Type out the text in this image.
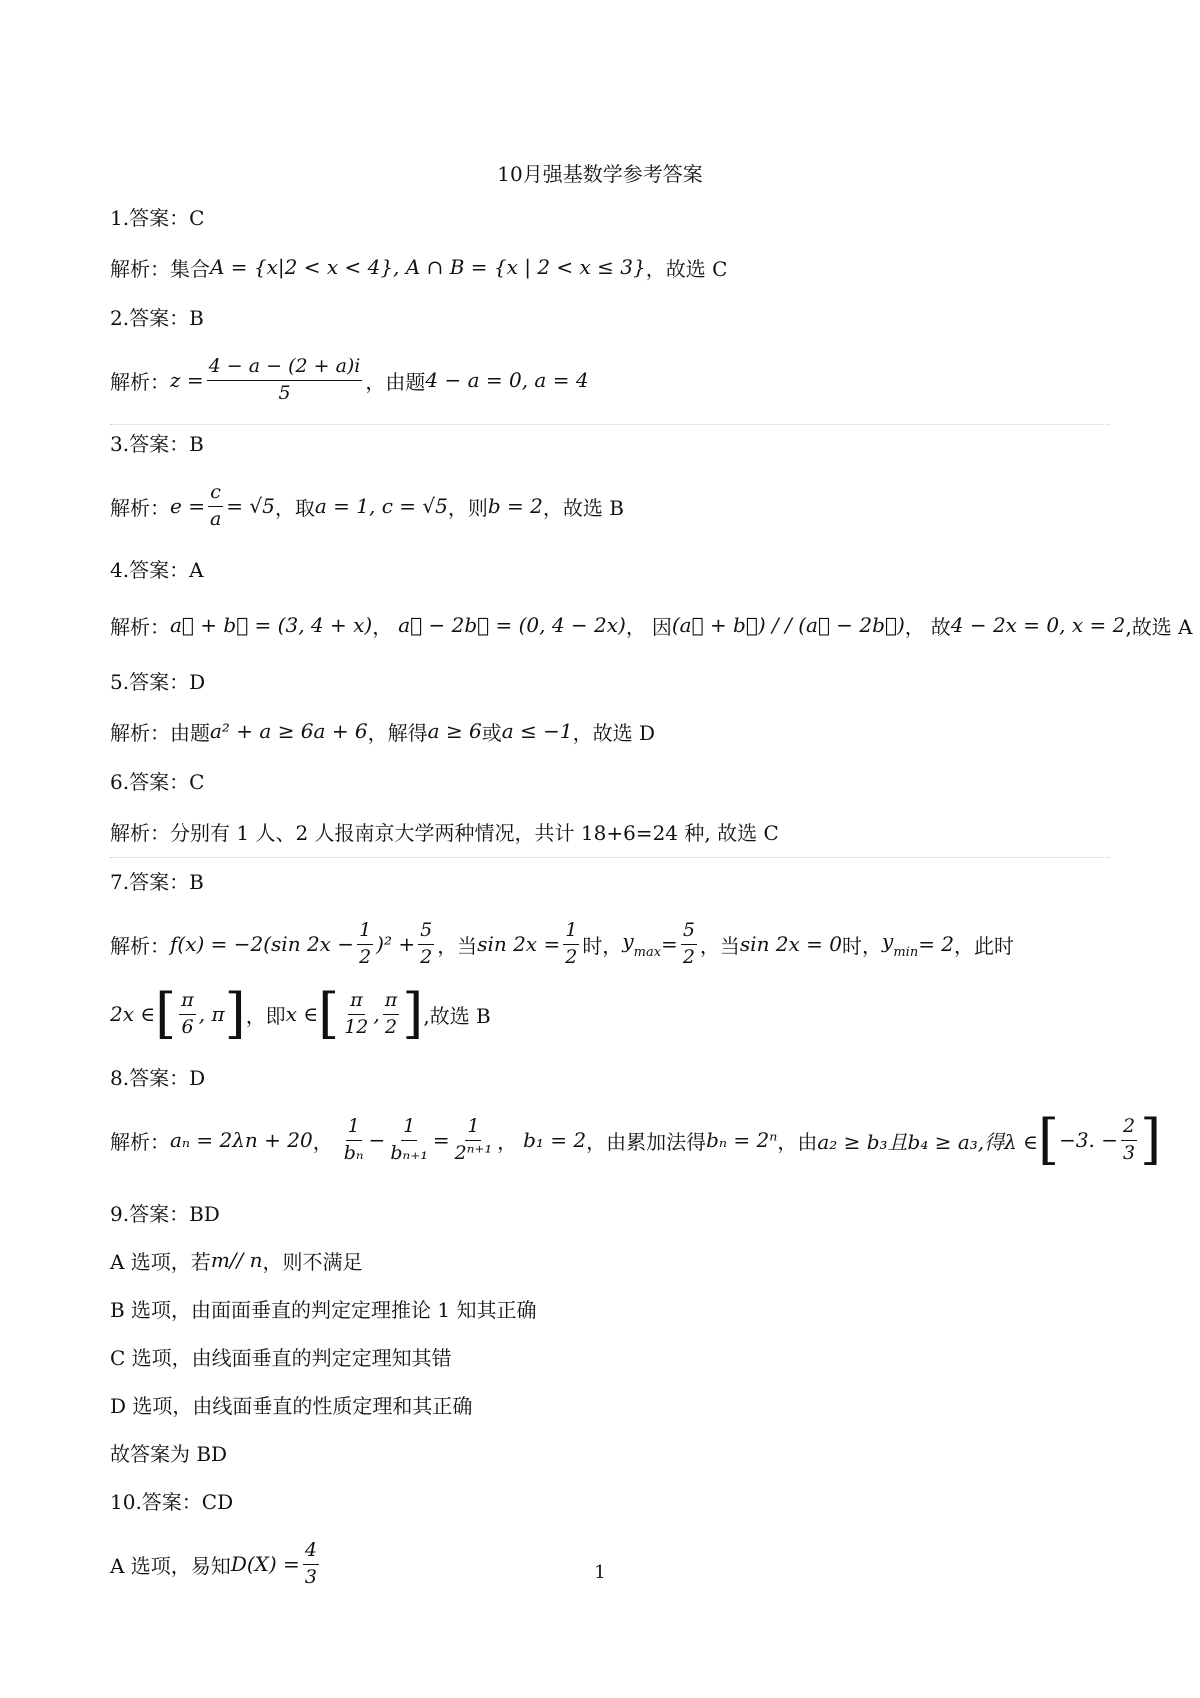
10月强基数学参考答案
1.答案：C
解析：集合 A = {x|2 < x < 4}, A ∩ B = {x | 2 < x ≤ 3} ，故选 C
2.答案：B
解析： $z = \frac{4 - a - (2 + a)i}{5}$ ，由题 4 − a = 0, a = 4
3.答案：B
解析： $e = \frac{c}{a} = √5$ ，取 a = 1, c = √5 ，则 b = 2 ，故选 B
4.答案：A
解析： a⃗ + b⃗ = (3, 4 + x) ， a⃗ − 2b⃗ = (0, 4 − 2x) ， 因 (a⃗ + b⃗) / / (a⃗ − 2b⃗) ， 故 4 − 2x = 0, x = 2 ,故选 A
5.答案：D
解析：由题 a² + a ≥ 6a + 6 ，解得 a ≥ 6 或 a ≤ −1 ，故选 D
6.答案：C
解析：分别有 1 人、2 人报南京大学两种情况，共计 18+6=24 种, 故选 C
7.答案：B
解析： f(x) = −2(sin $2x - \frac{1}{2} )^2 + \frac{5}{2}$ ，当 $\sin 2x = \frac{1}{2}$ 时， $y_{max} = \frac{5}{2}$ ，当 sin 2x = 0 时， $y_{min} = 2$ ，此时
2x ∈ [ $\frac{\pi}{6}$ , π ] ，即 x ∈ [ $\frac{\pi}{12}$ , $\frac{\pi}{2}$ ] ,故选 B
8.答案：D
解析： aₙ = 2λn + 20 ， $\frac{1}{\text{bₙ}} - \frac{1}{\text{bₙ₊₁}} = \frac{1}{\text{2ⁿ⁺¹}}$ ， b₁ = 2 ，由累加法得 bₙ = 2ⁿ ，由 a₂ ≥ b₃且b₄ ≥ a₃,得λ ∈ [ −3. − $\frac{2}{3}$ ]
9.答案：BD
A 选项，若 m// n ，则不满足
B 选项，由面面垂直的判定定理推论 1 知其正确
C 选项，由线面垂直的判定定理知其错
D 选项，由线面垂直的性质定理和其正确
故答案为 BD
10.答案：CD
A 选项，易知 $D(X) = \frac{4}{3}$	1
